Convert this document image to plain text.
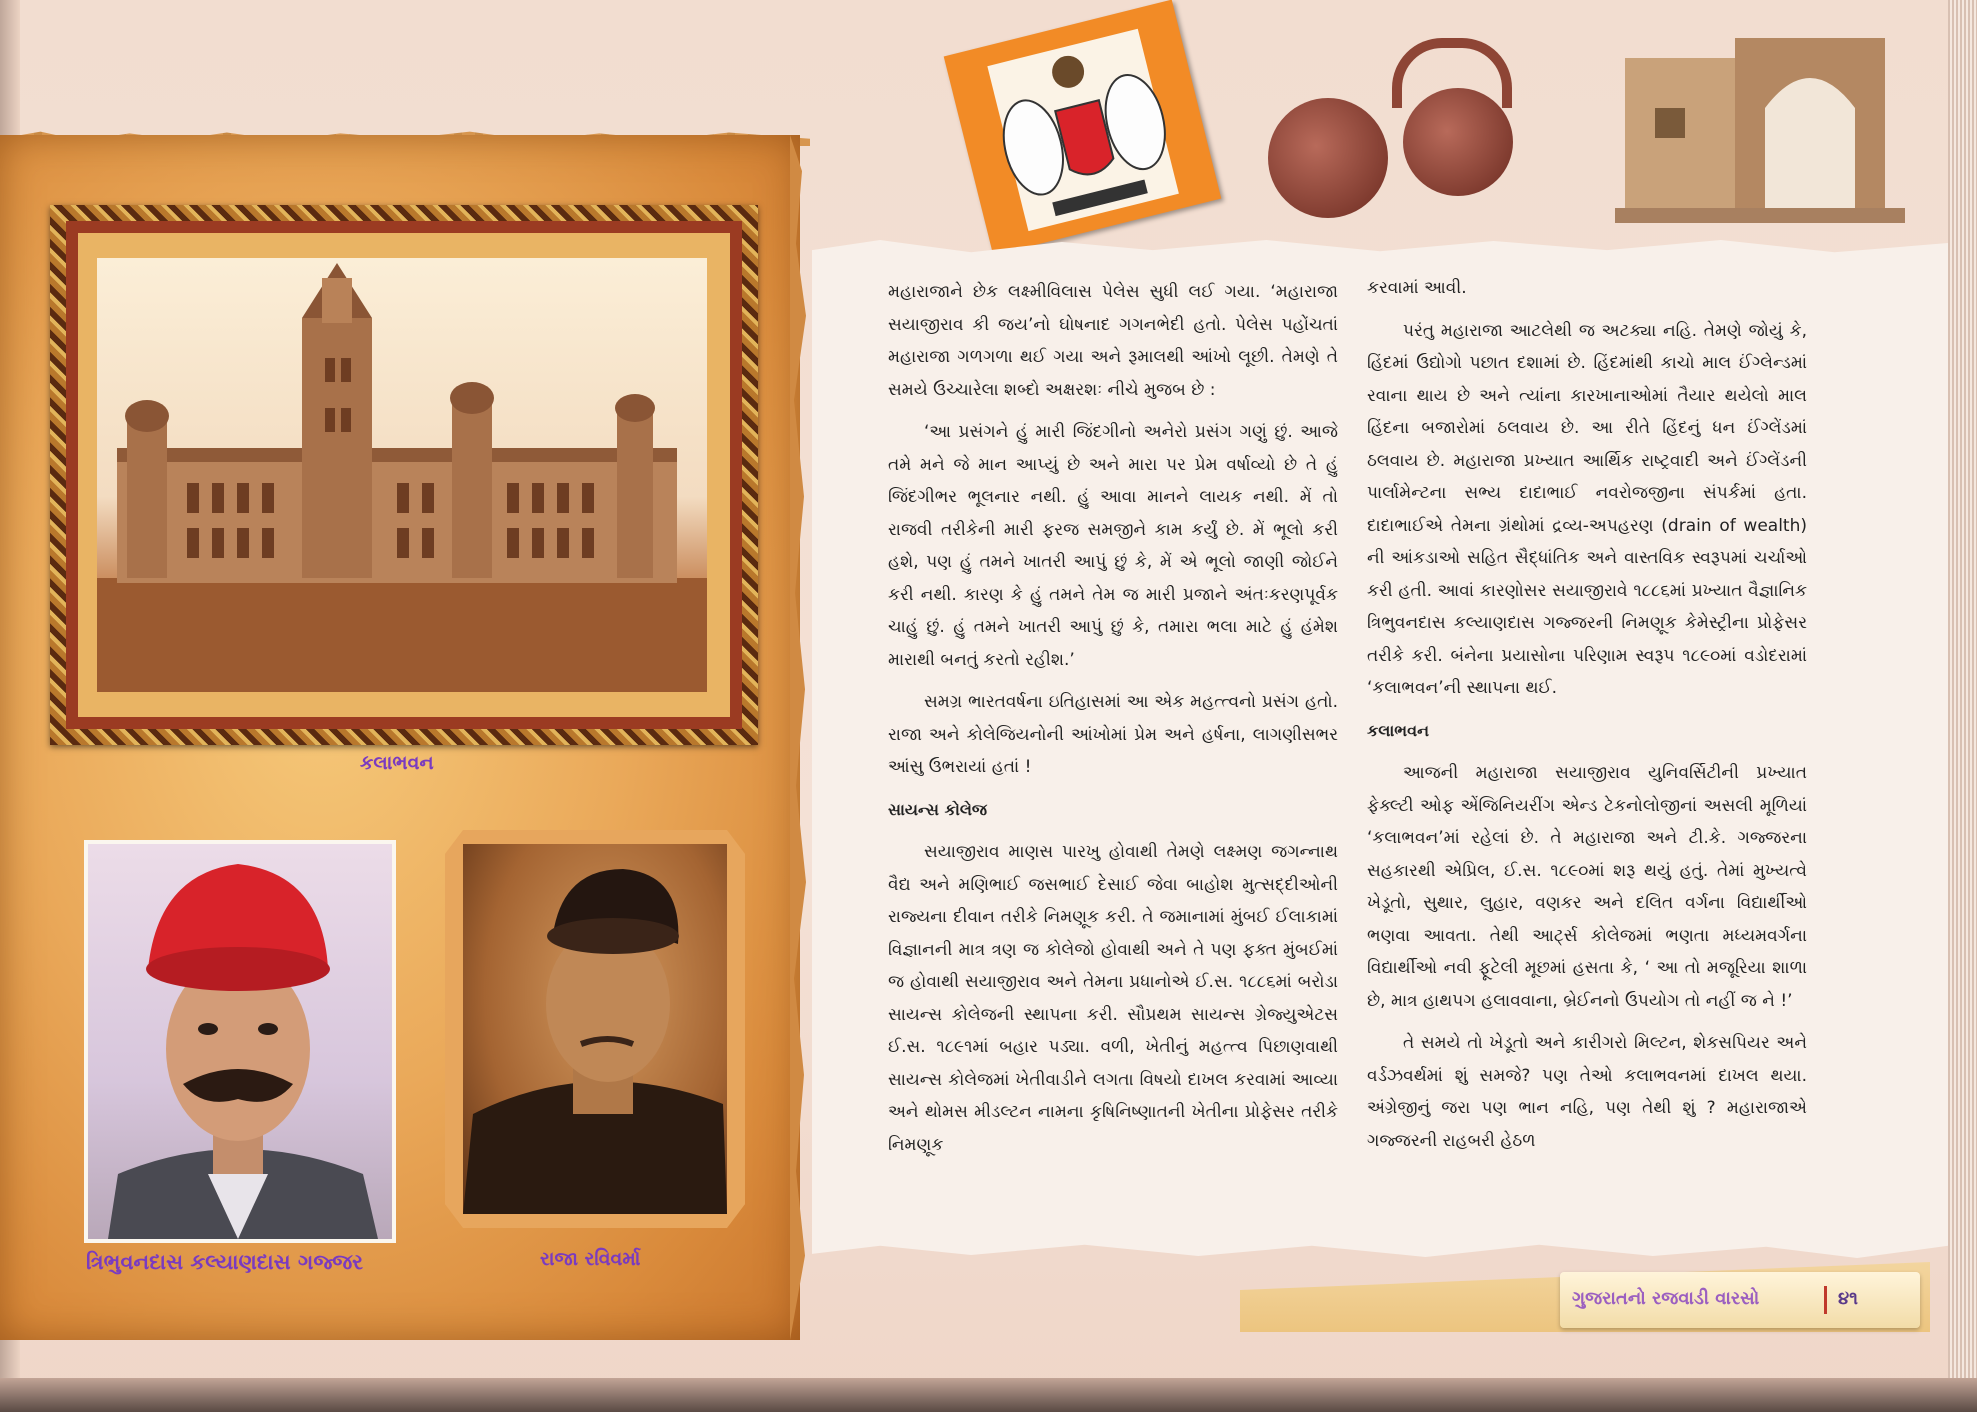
કલાભવન
ત્રિભુવનદાસ કલ્યાણદાસ ગજ્જર	રાજા રવિવર્મા

મહારાજાને છેક લક્ષ્મીવિલાસ પેલેસ સુધી લઈ ગયા. ‘મહારાજા સયાજીરાવ કી જય’નો ઘોષનાદ ગગનભેદી હતો. પેલેસ પહોંચતાં મહારાજા ગળગળા થઈ ગયા અને રૂમાલથી આંખો લૂછી. તેમણે તે સમયે ઉચ્ચારેલા શબ્દો અક્ષરશઃ નીચે મુજબ છે :

‘આ પ્રસંગને હું મારી જિંદગીનો અનેરો પ્રસંગ ગણું છું. આજે તમે મને જે માન આપ્યું છે અને મારા પર પ્રેમ વર્ષાવ્યો છે તે હું જિંદગીભર ભૂલનાર નથી. હું આવા માનને લાયક નથી. મેં તો રાજવી તરીકેની મારી ફરજ સમજીને કામ કર્યું છે. મેં ભૂલો કરી હશે, પણ હું તમને ખાતરી આપું છું કે, મેં એ ભૂલો જાણી જોઈને કરી નથી. કારણ કે હું તમને તેમ જ મારી પ્રજાને અંતઃકરણપૂર્વક ચાહું છું. હું તમને ખાતરી આપું છું કે, તમારા ભલા માટે હું હંમેશ મારાથી બનતું કરતો રહીશ.’

સમગ્ર ભારતવર્ષના ઇતિહાસમાં આ એક મહત્ત્વનો પ્રસંગ હતો. રાજા અને કોલેજિયનોની આંખોમાં પ્રેમ અને હર્ષના, લાગણીસભર આંસુ ઉભરાયાં હતાં !

સાયન્સ કોલેજ

સયાજીરાવ માણસ પારખુ હોવાથી તેમણે લક્ષ્મણ જગન્નાથ વૈદ્ય અને મણિભાઈ જસભાઈ દેસાઈ જેવા બાહોશ મુત્સદ્દીઓની રાજ્યના દીવાન તરીકે નિમણૂક કરી. તે જમાનામાં મુંબઈ ઈલાકામાં વિજ્ઞાનની માત્ર ત્રણ જ કોલેજો હોવાથી અને તે પણ ફક્ત મુંબઈમાં જ હોવાથી સયાજીરાવ અને તેમના પ્રધાનોએ ઈ.સ. ૧૮૮૬માં બરોડા સાયન્સ કોલેજની સ્થાપના કરી. સૌપ્રથમ સાયન્સ ગ્રેજ્યુએટસ ઈ.સ. ૧૮૯૧માં બહાર પડ્યા. વળી, ખેતીનું મહત્ત્વ પિછાણવાથી સાયન્સ કોલેજમાં ખેતીવાડીને લગતા વિષયો દાખલ કરવામાં આવ્યા અને થોમસ મીડલ્ટન નામના કૃષિનિષ્ણાતની ખેતીના પ્રોફેસર તરીકે નિમણૂક

કરવામાં આવી.

પરંતુ મહારાજા આટલેથી જ અટક્યા નહિ. તેમણે જોયું કે, હિંદમાં ઉદ્યોગો પછાત દશામાં છે. હિંદમાંથી કાચો માલ ઈંગ્લેન્ડમાં રવાના થાય છે અને ત્યાંના કારખાનાઓમાં તૈયાર થયેલો માલ હિંદના બજારોમાં ઠલવાય છે. આ રીતે હિંદનું ધન ઈંગ્લેંડમાં ઠલવાય છે. મહારાજા પ્રખ્યાત આર્થિક રાષ્ટ્રવાદી અને ઈંગ્લેંડની પાર્લામેન્ટના સભ્ય દાદાભાઈ નવરોજજીના સંપર્કમાં હતા. દાદાભાઈએ તેમના ગ્રંથોમાં દ્રવ્ય-અપહરણ (drain of wealth) ની આંકડાઓ સહિત સૈદ્ધાંતિક અને વાસ્તવિક સ્વરૂપમાં ચર્ચાઓ કરી હતી. આવાં કારણોસર સયાજીરાવે ૧૮૮૬માં પ્રખ્યાત વૈજ્ઞાનિક ત્રિભુવનદાસ કલ્યાણદાસ ગજ્જરની નિમણૂક કેમેસ્ટ્રીના પ્રોફેસર તરીકે કરી. બંનેના પ્રયાસોના પરિણામ સ્વરૂપ ૧૮૯૦માં વડોદરામાં ‘કલાભવન’ની સ્થાપના થઈ.

કલાભવન

આજની મહારાજા સયાજીરાવ યુનિવર્સિટીની પ્રખ્યાત ફેક્લ્ટી ઓફ એંજિનિયરીંગ એન્ડ ટેકનોલોજીનાં અસલી મૂળિયાં ‘કલાભવન’માં રહેલાં છે. તે મહારાજા અને ટી.કે. ગજ્જરના સહકારથી એપ્રિલ, ઈ.સ. ૧૮૯૦માં શરૂ થયું હતું. તેમાં મુખ્યત્વે ખેડૂતો, સુથાર, લુહાર, વણકર અને દલિત વર્ગના વિદ્યાર્થીઓ ભણવા આવતા. તેથી આર્ટ્સ કોલેજમાં ભણતા મધ્યમવર્ગના વિદ્યાર્થીઓ નવી ફૂટેલી મૂછમાં હસતા કે, ‘ આ તો મજૂરિયા શાળા છે, માત્ર હાથપગ હલાવવાના, બ્રેઈનનો ઉપયોગ તો નહીં જ ને !’

તે સમયે તો ખેડૂતો અને કારીગરો મિલ્ટન, શેકસપિયર અને વર્ડઝવર્થમાં શું સમજે? પણ તેઓ કલાભવનમાં દાખલ થયા. અંગ્રેજીનું જરા પણ ભાન નહિ, પણ તેથી શું ? મહારાજાએ ગજ્જરની રાહબરી હેઠળ

ગુજરાતનો રજવાડી વારસો	૪૧
